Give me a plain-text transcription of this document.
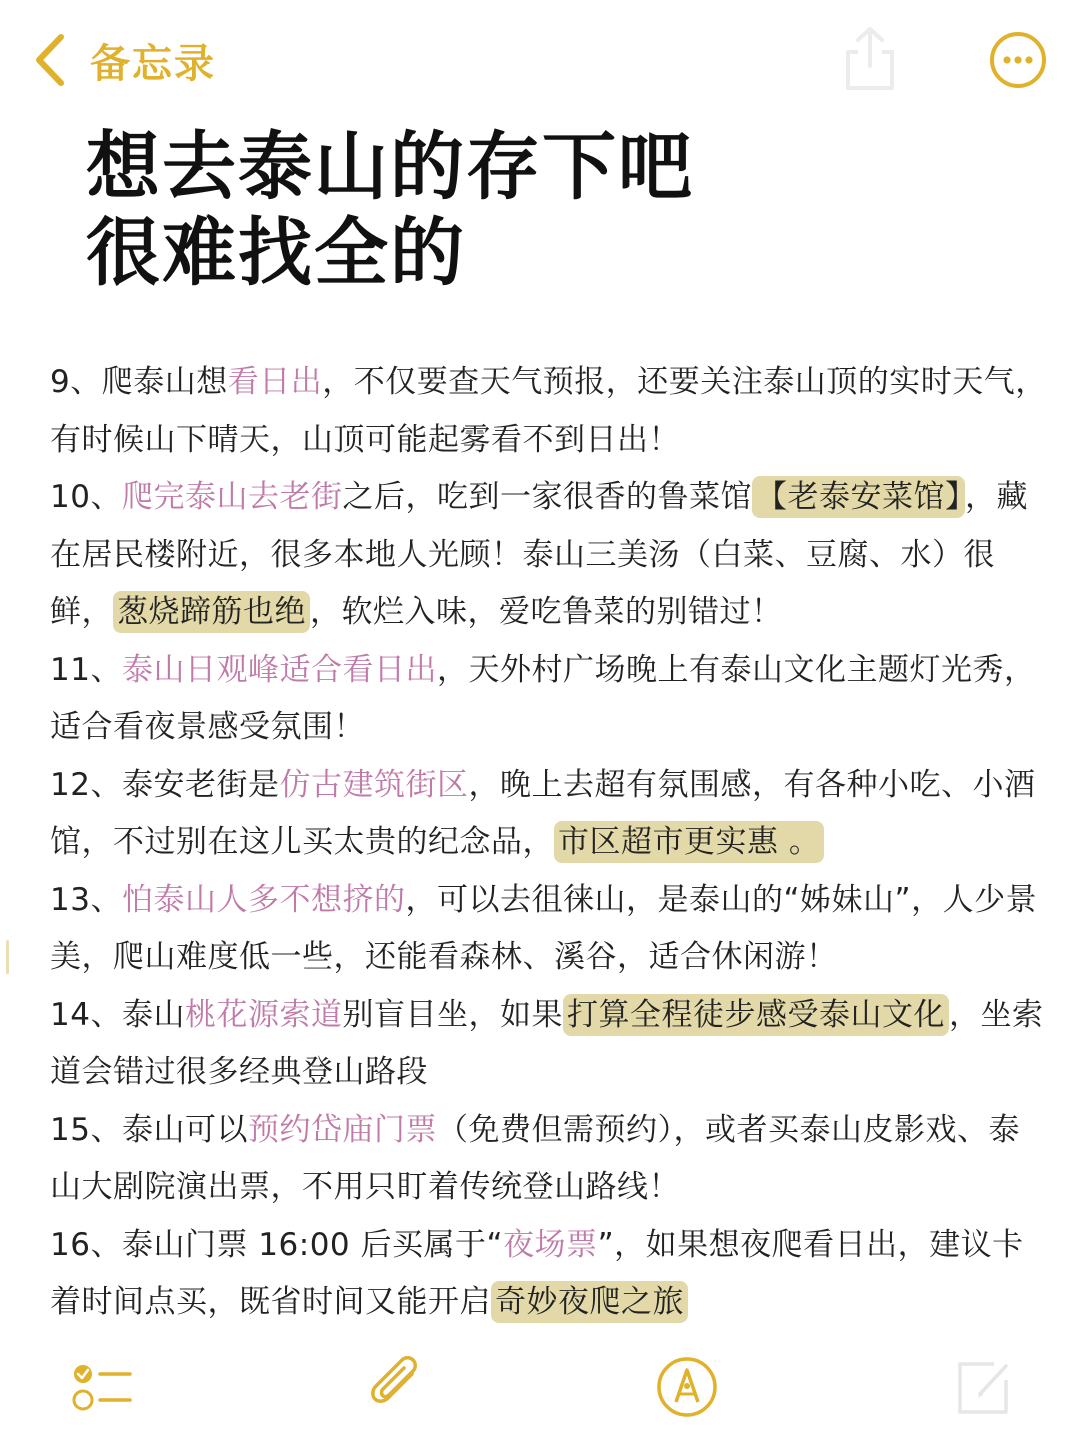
备忘录
想去泰山的存下吧
很难找全的

9、爬泰山想看日出，不仅要查天气预报，还要关注泰山顶的实时天气，有时候山下晴天，山顶可能起雾看不到日出！

10、爬完泰山去老街之后，吃到一家很香的鲁菜馆 【老泰安菜馆】 ，藏在居民楼附近，很多本地人光顾！泰山三美汤（白菜、豆腐、水）很鲜， 葱烧蹄筋也绝 ，软烂入味，爱吃鲁菜的别错过！

11、泰山日观峰适合看日出，天外村广场晚上有泰山文化主题灯光秀，适合看夜景感受氛围！

12、泰安老街是仿古建筑街区，晚上去超有氛围感，有各种小吃、小酒馆，不过别在这儿买太贵的纪念品， 市区超市更实惠 。

13、怕泰山人多不想挤的，可以去徂徕山，是泰山的“姊妹山”，人少景美，爬山难度低一些，还能看森林、溪谷，适合休闲游！

14、泰山桃花源索道别盲目坐，如果 打算全程徒步感受泰山文化 ，坐索道会错过很多经典登山路段

15、泰山可以预约岱庙门票（免费但需预约），或者买泰山皮影戏、泰山大剧院演出票，不用只盯着传统登山路线！

16、泰山门票 16:00 后买属于“夜场票”，如果想夜爬看日出，建议卡着时间点买，既省时间又能开启 奇妙夜爬之旅
